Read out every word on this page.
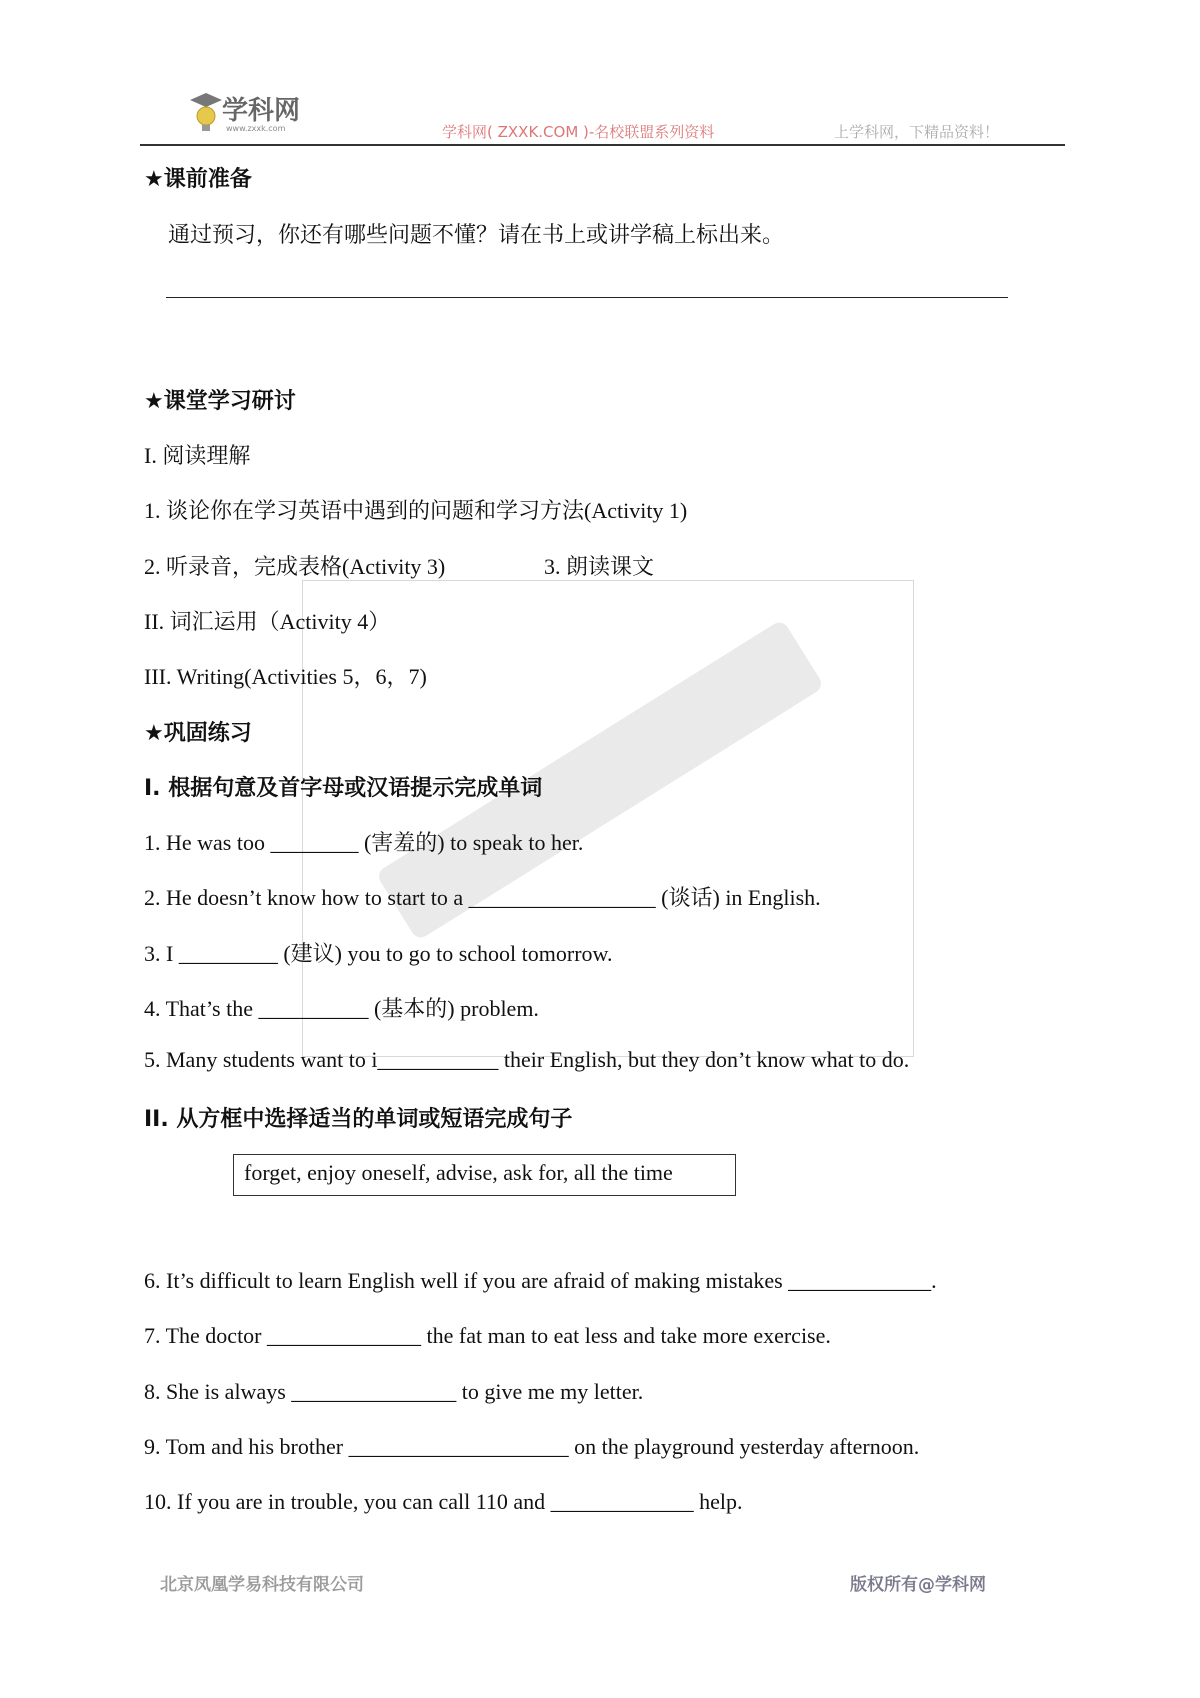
学科网
www.zxxk.com	学科网( ZXXK.COM )-名校联盟系列资料	上学科网，下精品资料！
★课前准备
通过预习，你还有哪些问题不懂？请在书上或讲学稿上标出来。
★课堂学习研讨
I. 阅读理解
1. 谈论你在学习英语中遇到的问题和学习方法(Activity 1)
2. 听录音，完成表格(Activity 3)	3. 朗读课文
II. 词汇运用（Activity 4）
III. Writing(Activities 5，6，7)
★巩固练习
I. 根据句意及首字母或汉语提示完成单词
1. He was too ________ (害羞的) to speak to her.
2. He doesn’t know how to start to a _________________ (谈话) in English.
3. I _________ (建议) you to go to school tomorrow.
4. That’s the __________ (基本的) problem.
5. Many students want to i___________ their English, but they don’t know what to do.
II. 从方框中选择适当的单词或短语完成句子
forget, enjoy oneself, advise, ask for, all the time
6. It’s difficult to learn English well if you are afraid of making mistakes _____________.
7. The doctor ______________ the fat man to eat less and take more exercise.
8. She is always _______________ to give me my letter.
9. Tom and his brother ____________________ on the playground yesterday afternoon.
10. If you are in trouble, you can call 110 and _____________ help.
北京凤凰学易科技有限公司	版权所有@学科网
